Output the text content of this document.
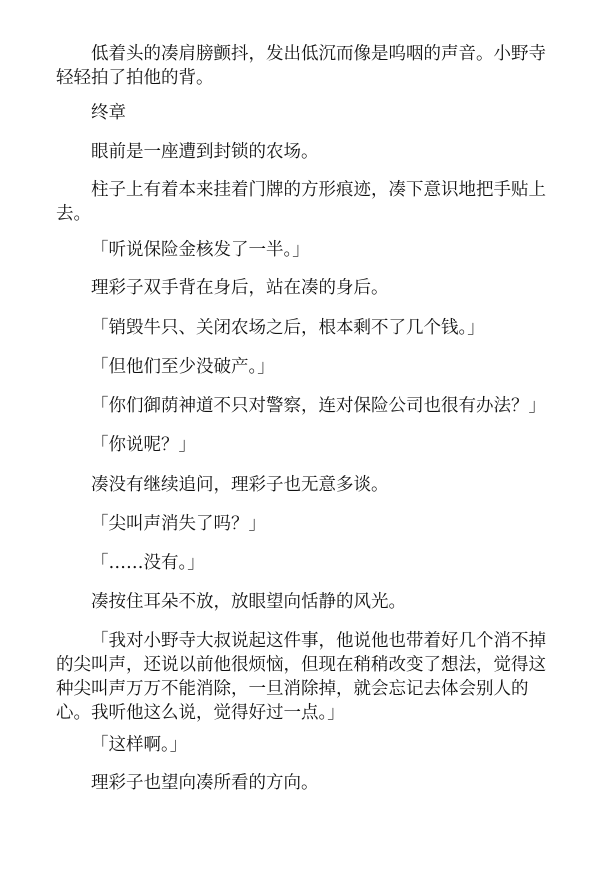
低着头的凑肩膀颤抖，发出低沉而像是呜咽的声音。小野寺轻轻拍了拍他的背。

终章

眼前是一座遭到封锁的农场。

柱子上有着本来挂着门牌的方形痕迹，凑下意识地把手贴上去。

「听说保险金核发了一半。」

理彩子双手背在身后，站在凑的身后。

「销毁牛只、关闭农场之后，根本剩不了几个钱。」

「但他们至少没破产。」

「你们御荫神道不只对警察，连对保险公司也很有办法？」

「你说呢？」

凑没有继续追问，理彩子也无意多谈。

「尖叫声消失了吗？」

「……没有。」

凑按住耳朵不放，放眼望向恬静的风光。

「我对小野寺大叔说起这件事，他说他也带着好几个消不掉的尖叫声，还说以前他很烦恼，但现在稍稍改变了想法，觉得这种尖叫声万万不能消除，一旦消除掉，就会忘记去体会别人的心。我听他这么说，觉得好过一点。」

「这样啊。」

理彩子也望向凑所看的方向。
